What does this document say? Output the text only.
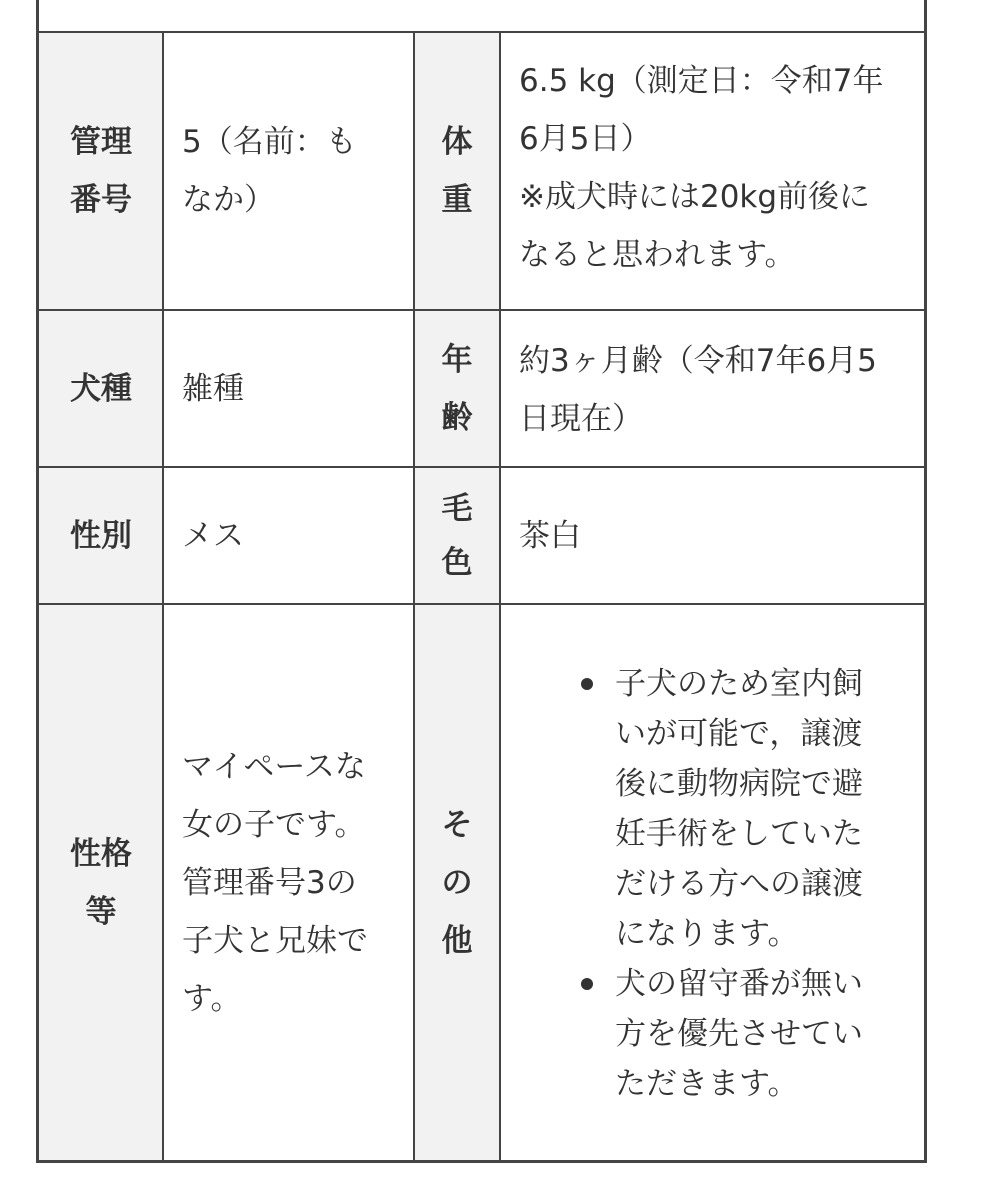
管理
番号
5（名前：も
なか）
体
重
6.5 kg（測定日：令和7年
6月5日）
※成犬時には20kg前後に
なると思われます。
犬種	雑種
年
齢
約3ヶ月齢（令和7年6月5
日現在）
性別	メス
毛
色
茶白
性格
等
マイペースな
女の子です。
管理番号3の
子犬と兄妹で
す。
そ
の
他
子犬のため室内飼
いが可能で，譲渡
後に動物病院で避
妊手術をしていた
だける方への譲渡
になります。
犬の留守番が無い
方を優先させてい
ただきます。
